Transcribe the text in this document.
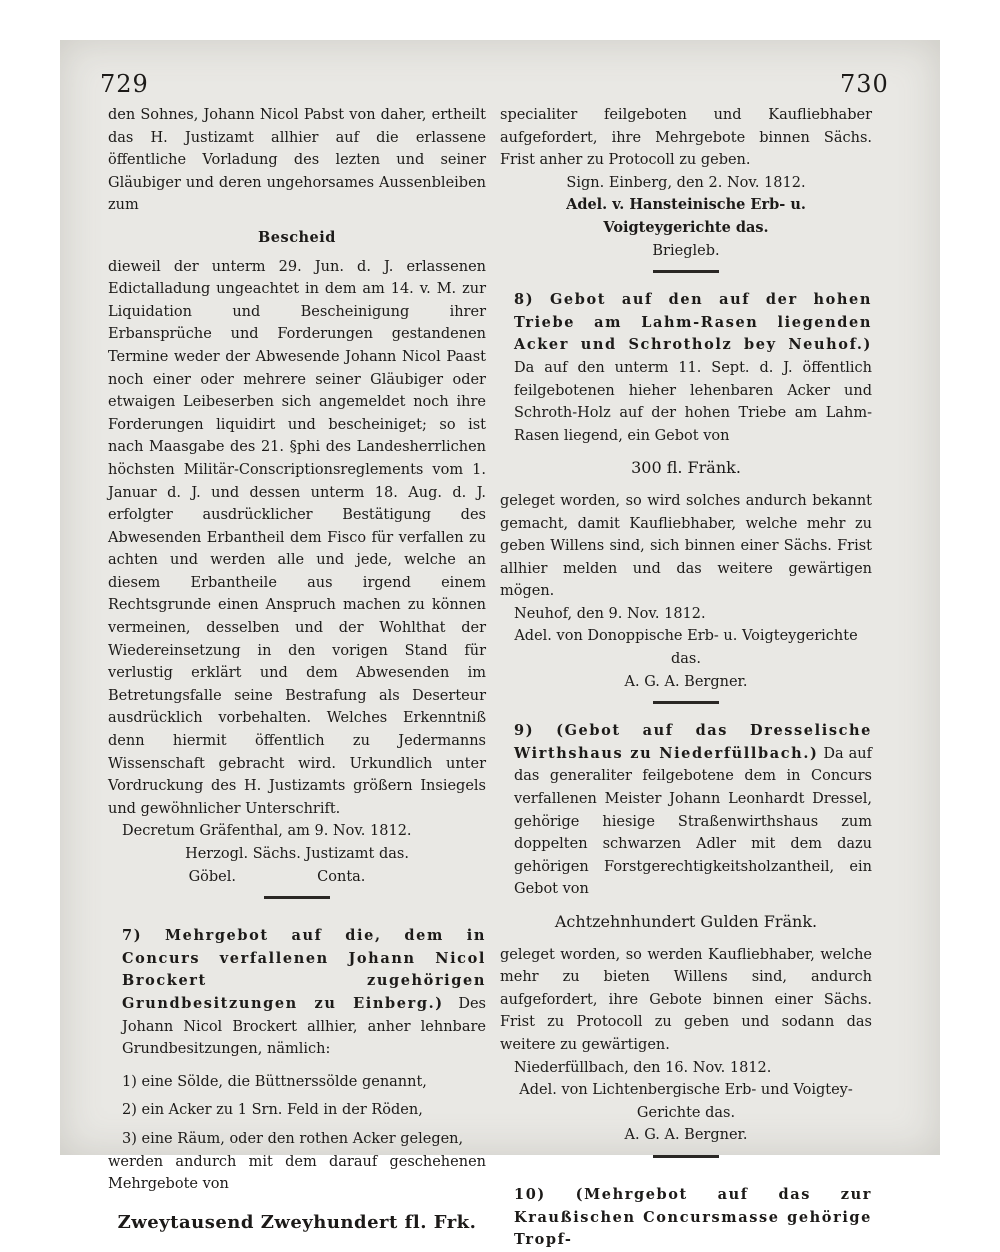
729	730

den Sohnes, Johann Nicol Pabst von daher, ertheilt das H. Justizamt allhier auf die erlassene öffentliche Vorladung des lezten und seiner Gläubiger und deren ungehorsames Aussenbleiben zum

Bescheid

dieweil der unterm 29. Jun. d. J. erlassenen Edictalladung ungeachtet in dem am 14. v. M. zur Liquidation und Bescheinigung ihrer Erbansprüche und Forderungen gestandenen Termine weder der Abwesende Johann Nicol Paast noch einer oder mehrere seiner Gläubiger oder etwaigen Leibeserben sich angemeldet noch ihre Forderungen liquidirt und bescheiniget; so ist nach Maasgabe des 21. §phi des Landesherrlichen höchsten Militär-Conscriptionsreglements vom 1. Januar d. J. und dessen unterm 18. Aug. d. J. erfolgter ausdrücklicher Bestätigung des Abwesenden Erbantheil dem Fisco für verfallen zu achten und werden alle und jede, welche an diesem Erbantheile aus irgend einem Rechtsgrunde einen Anspruch machen zu können vermeinen, desselben und der Wohlthat der Wiedereinsetzung in den vorigen Stand für verlustig erklärt und dem Abwesenden im Betretungsfalle seine Bestrafung als Deserteur ausdrücklich vorbehalten. Welches Erkenntniß denn hiermit öffentlich zu Jedermanns Wissenschaft gebracht wird. Urkundlich unter Vordruckung des H. Justizamts größern Insiegels und gewöhnlicher Unterschrift.

Decretum Gräfenthal, am 9. Nov. 1812.

Herzogl. Sächs. Justizamt das.

Göbel.	Conta.

7) Mehrgebot auf die, dem in Concurs verfallenen Johann Nicol Brockert zugehörigen Grundbesitzungen zu Einberg.) Des Johann Nicol Brockert allhier, anher lehnbare Grundbesitzungen, nämlich:

1) eine Sölde, die Büttnerssölde genannt,

2) ein Acker zu 1 Srn. Feld in der Röden,

3) eine Räum, oder den rothen Acker gelegen,

werden andurch mit dem darauf geschehenen Mehrgebote von

Zweytausend Zweyhundert fl. Frk.

specialiter feilgeboten und Kaufliebhaber aufgefordert, ihre Mehrgebote binnen Sächs. Frist anher zu Protocoll zu geben.

Sign. Einberg, den 2. Nov. 1812.

Adel. v. Hansteinische Erb- u. Voigteygerichte das.

Briegleb.

8) Gebot auf den auf der hohen Triebe am Lahm-Rasen liegenden Acker und Schrotholz bey Neuhof.) Da auf den unterm 11. Sept. d. J. öffentlich feilgebotenen hieher lehenbaren Acker und Schroth-Holz auf der hohen Triebe am Lahm-Rasen liegend, ein Gebot von

300 fl. Fränk.

geleget worden, so wird solches andurch bekannt gemacht, damit Kaufliebhaber, welche mehr zu geben Willens sind, sich binnen einer Sächs. Frist allhier melden und das weitere gewärtigen mögen.

Neuhof, den 9. Nov. 1812.

Adel. von Donoppische Erb- u. Voigteygerichte das.

A. G. A. Bergner.

9) (Gebot auf das Dresselische Wirthshaus zu Niederfüllbach.) Da auf das generaliter feilgebotene dem in Concurs verfallenen Meister Johann Leonhardt Dressel, gehörige hiesige Straßenwirthshaus zum doppelten schwarzen Adler mit dem dazu gehörigen Forstgerechtigkeitsholzantheil, ein Gebot von

Achtzehnhundert Gulden Fränk.

geleget worden, so werden Kaufliebhaber, welche mehr zu bieten Willens sind, andurch aufgefordert, ihre Gebote binnen einer Sächs. Frist zu Protocoll zu geben und sodann das weitere zu gewärtigen.

Niederfüllbach, den 16. Nov. 1812.

Adel. von Lichtenbergische Erb- und Voigtey-

Gerichte das.

A. G. A. Bergner.

10) (Mehrgebot auf das zur Kraußischen Concursmasse gehörige Tropf-
